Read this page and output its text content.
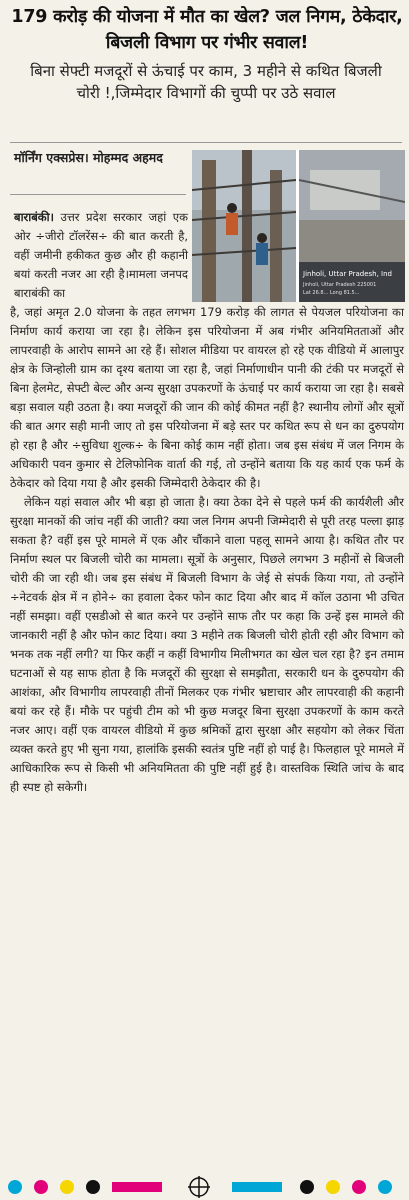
179 करोड़ की योजना में मौत का खेल? जल निगम, ठेकेदार, बिजली विभाग पर गंभीर सवाल!
बिना सेफ्टी मजदूरों से ऊंचाई पर काम, 3 महीने से कथित बिजली चोरी !,जिम्मेदार विभागों की चुप्पी पर उठे सवाल
मॉर्निंग एक्सप्रेस। मोहम्मद अहमद
Jinholi, Uttar Pradesh, Ind
Jinholi, Uttar Pradesh 225001
Lat 26.8... Long 81.5...
बाराबंकी। उत्तर प्रदेश सरकार जहां एक ओर ÷जीरो टॉलरेंस÷ की बात करती है, वहीं जमीनी हकीकत कुछ और ही कहानी बयां करती नजर आ रही है।मामला जनपद बाराबंकी का

है, जहां अमृत 2.0 योजना के तहत लगभग 179 करोड़ की लागत से पेयजल परियोजना का निर्माण कार्य कराया जा रहा है। लेकिन इस परियोजना में अब गंभीर अनियमितताओं और लापरवाही के आरोप सामने आ रहे हैं। सोशल मीडिया पर वायरल हो रहे एक वीडियो में आलापुर क्षेत्र के जिन्होली ग्राम का दृश्य बताया जा रहा है, जहां निर्माणाधीन पानी की टंकी पर मजदूरों से बिना हेलमेट, सेफ्टी बेल्ट और अन्य सुरक्षा उपकरणों के ऊंचाई पर कार्य कराया जा रहा है। सबसे बड़ा सवाल यही उठता है। क्या मजदूरों की जान की कोई कीमत नहीं है? स्थानीय लोगों और सूत्रों की बात अगर सही मानी जाए तो इस परियोजना में बड़े स्तर पर कथित रूप से धन का दुरुपयोग हो रहा है और ÷सुविधा शुल्क÷ के बिना कोई काम नहीं होता। जब इस संबंध में जल निगम के अधिकारी पवन कुमार से टेलिफोनिक वार्ता की गई, तो उन्होंने बताया कि यह कार्य एक फर्म के ठेकेदार को दिया गया है और इसकी जिम्मेदारी ठेकेदार की है।

लेकिन यहां सवाल और भी बड़ा हो जाता है। क्या ठेका देने से पहले फर्म की कार्यशैली और सुरक्षा मानकों की जांच नहीं की जाती? क्या जल निगम अपनी जिम्मेदारी से पूरी तरह पल्ला झाड़ सकता है? वहीं इस पूरे मामले में एक और चौंकाने वाला पहलू सामने आया है। कथित तौर पर निर्माण स्थल पर बिजली चोरी का मामला। सूत्रों के अनुसार, पिछले लगभग 3 महीनों से बिजली चोरी की जा रही थी। जब इस संबंध में बिजली विभाग के जेई से संपर्क किया गया, तो उन्होंने ÷नेटवर्क क्षेत्र में न होने÷ का हवाला देकर फोन काट दिया और बाद में कॉल उठाना भी उचित नहीं समझा। वहीं एसडीओ से बात करने पर उन्होंने साफ तौर पर कहा कि उन्हें इस मामले की जानकारी नहीं है और फोन काट दिया। क्या 3 महीने तक बिजली चोरी होती रही और विभाग को भनक तक नहीं लगी? या फिर कहीं न कहीं विभागीय मिलीभगत का खेल चल रहा है? इन तमाम घटनाओं से यह साफ होता है कि मजदूरों की सुरक्षा से समझौता, सरकारी धन के दुरुपयोग की आशंका, और विभागीय लापरवाही तीनों मिलकर एक गंभीर भ्रष्टाचार और लापरवाही की कहानी बयां कर रहे हैं। मौके पर पहुंची टीम को भी कुछ मजदूर बिना सुरक्षा उपकरणों के काम करते नजर आए। वहीं एक वायरल वीडियो में कुछ श्रमिकों द्वारा सुरक्षा और सहयोग को लेकर चिंता व्यक्त करते हुए भी सुना गया, हालांकि इसकी स्वतंत्र पुष्टि नहीं हो पाई है। फिलहाल पूरे मामले में आधिकारिक रूप से किसी भी अनियमितता की पुष्टि नहीं हुई है। वास्तविक स्थिति जांच के बाद ही स्पष्ट हो सकेगी।
